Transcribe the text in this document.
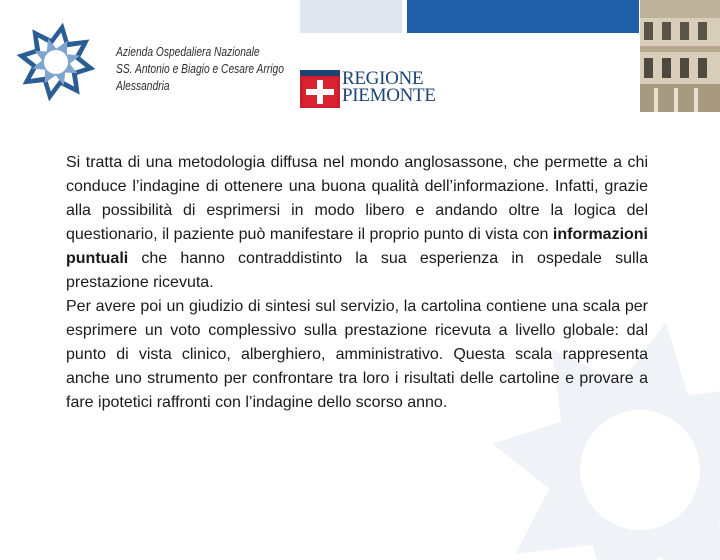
Azienda Ospedaliera Nazionale
SS. Antonio e Biagio e Cesare Arrigo
Alessandria	REGIONE
PIEMONTE

Si tratta di una metodologia diffusa nel mondo anglosassone, che permette a chi conduce l’indagine di ottenere una buona qualità dell’informazione. Infatti, grazie alla possibilità di esprimersi in modo libero e andando oltre la logica del questionario, il paziente può manifestare il proprio punto di vista con informazioni puntuali che hanno contraddistinto la sua esperienza in ospedale sulla prestazione ricevuta.

Per avere poi un giudizio di sintesi sul servizio, la cartolina contiene una scala per esprimere un voto complessivo sulla prestazione ricevuta a livello globale: dal punto di vista clinico, alberghiero, amministrativo. Questa scala rappresenta anche uno strumento per confrontare tra loro i risultati delle cartoline e provare a fare ipotetici raffronti con l’indagine dello scorso anno.
